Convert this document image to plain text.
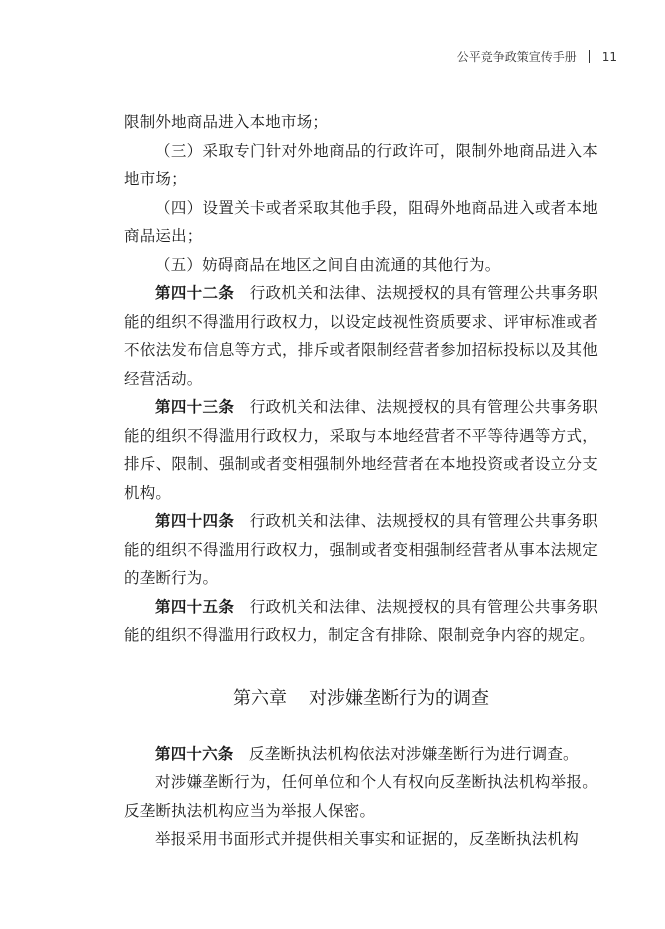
公平竞争政策宣传手册 11

限制外地商品进入本地市场；

（三）采取专门针对外地商品的行政许可，限制外地商品进入本地市场；

（四）设置关卡或者采取其他手段，阻碍外地商品进入或者本地商品运出；

（五）妨碍商品在地区之间自由流通的其他行为。

第四十二条 行政机关和法律、法规授权的具有管理公共事务职能的组织不得滥用行政权力，以设定歧视性资质要求、评审标准或者不依法发布信息等方式，排斥或者限制经营者参加招标投标以及其他经营活动。

第四十三条 行政机关和法律、法规授权的具有管理公共事务职能的组织不得滥用行政权力，采取与本地经营者不平等待遇等方式，排斥、限制、强制或者变相强制外地经营者在本地投资或者设立分支机构。

第四十四条 行政机关和法律、法规授权的具有管理公共事务职能的组织不得滥用行政权力，强制或者变相强制经营者从事本法规定的垄断行为。

第四十五条 行政机关和法律、法规授权的具有管理公共事务职能的组织不得滥用行政权力，制定含有排除、限制竞争内容的规定。

第六章 对涉嫌垄断行为的调查

第四十六条 反垄断执法机构依法对涉嫌垄断行为进行调查。

对涉嫌垄断行为，任何单位和个人有权向反垄断执法机构举报。反垄断执法机构应当为举报人保密。

举报采用书面形式并提供相关事实和证据的，反垄断执法机构
